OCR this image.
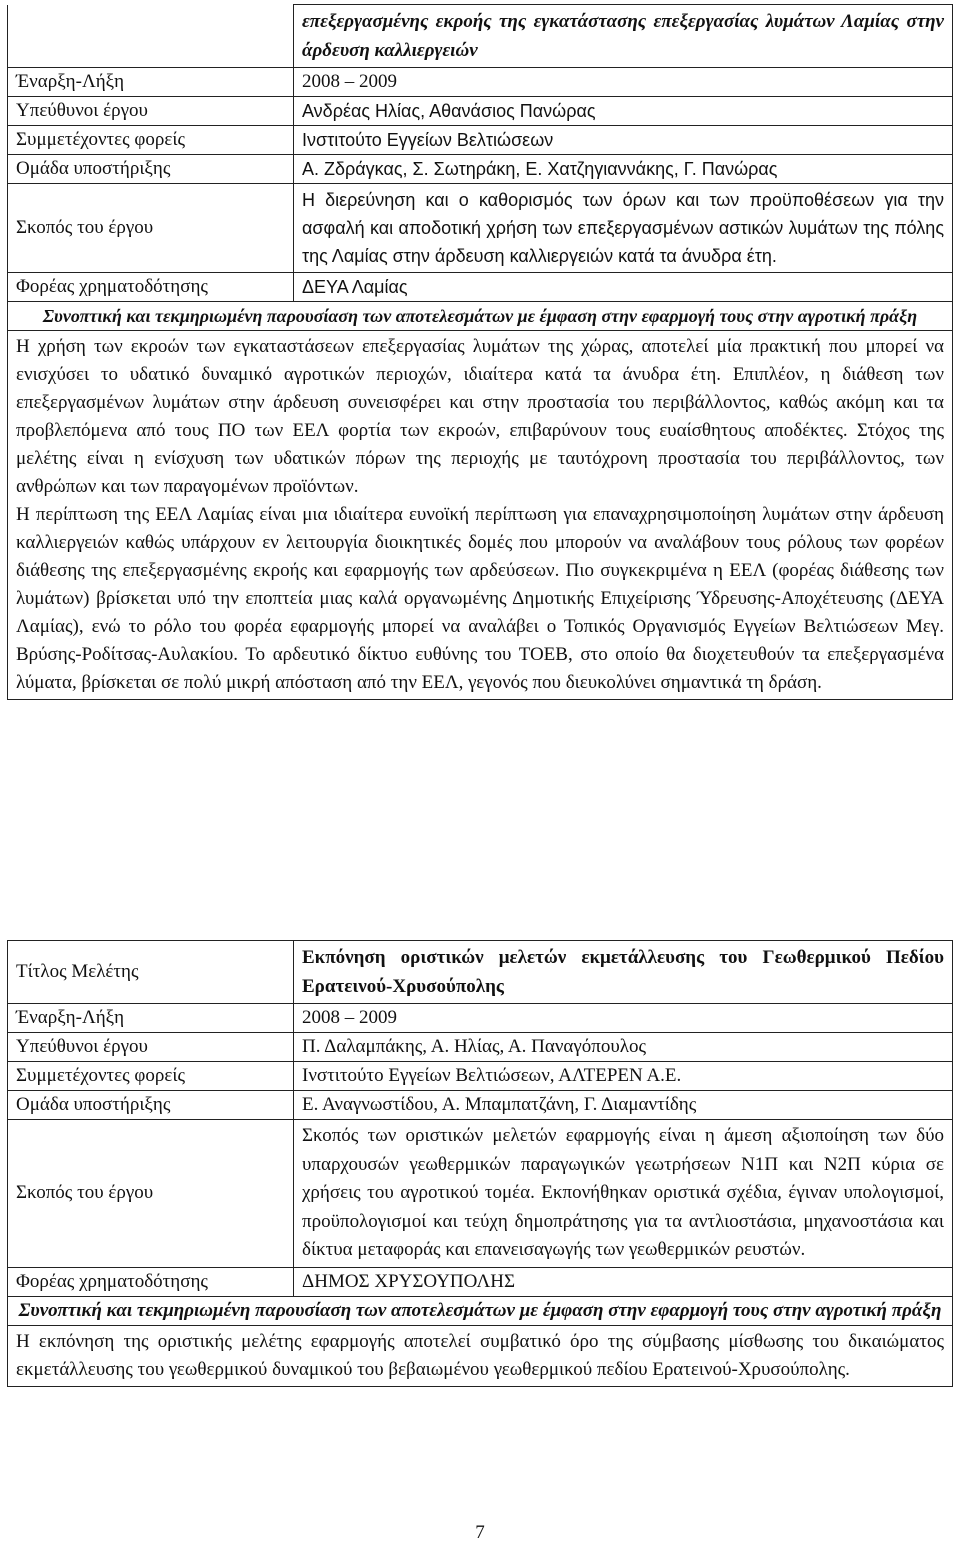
	επεξεργασμένης εκροής της εγκατάστασης επεξεργασίας λυμάτων Λαμίας στην άρδευση καλλιεργειών
Έναρξη-Λήξη	2008 – 2009
Υπεύθυνοι έργου	Ανδρέας Ηλίας, Αθανάσιος Πανώρας
Συμμετέχοντες φορείς	Ινστιτούτο Εγγείων Βελτιώσεων
Ομάδα υποστήριξης	Α. Ζδράγκας, Σ. Σωτηράκη, Ε. Χατζηγιαννάκης, Γ. Πανώρας
Σκοπός του έργου	Η διερεύνηση και ο καθορισμός των όρων και των προϋποθέσεων για την ασφαλή και αποδοτική χρήση των επεξεργασμένων αστικών λυμάτων της πόλης της Λαμίας στην άρδευση καλλιεργειών κατά τα άνυδρα έτη.
Φορέας χρηματοδότησης	ΔΕΥΑ Λαμίας
Συνοπτική και τεκμηριωμένη παρουσίαση των αποτελεσμάτων με έμφαση στην εφαρμογή τους στην αγροτική πράξη	

Η χρήση των εκροών των εγκαταστάσεων επεξεργασίας λυμάτων της χώρας, αποτελεί μία πρακτική που μπορεί να ενισχύσει το υδατικό δυναμικό αγροτικών περιοχών, ιδιαίτερα κατά τα άνυδρα έτη. Επιπλέον, η διάθεση των επεξεργασμένων λυμάτων στην άρδευση συνεισφέρει και στην προστασία του περιβάλλοντος, καθώς ακόμη και τα προβλεπόμενα από τους ΠΟ των ΕΕΛ φορτία των εκροών, επιβαρύνουν τους ευαίσθητους αποδέκτες. Στόχος της μελέτης είναι η ενίσχυση των υδατικών πόρων της περιοχής με ταυτόχρονη προστασία του περιβάλλοντος, των ανθρώπων και των παραγομένων προϊόντων.
Η περίπτωση της ΕΕΛ Λαμίας είναι μια ιδιαίτερα ευνοϊκή περίπτωση για επαναχρησιμοποίηση λυμάτων στην άρδευση καλλιεργειών καθώς υπάρχουν εν λειτουργία διοικητικές δομές που μπορούν να αναλάβουν τους ρόλους των φορέων διάθεσης της επεξεργασμένης εκροής και εφαρμογής των αρδεύσεων. Πιο συγκεκριμένα η ΕΕΛ (φορέας διάθεσης των λυμάτων) βρίσκεται υπό την εποπτεία μιας καλά οργανωμένης Δημοτικής Επιχείρισης Ύδρευσης-Αποχέτευσης (ΔΕΥΑ Λαμίας), ενώ το ρόλο του φορέα εφαρμογής μπορεί να αναλάβει ο Τοπικός Οργανισμός Εγγείων Βελτιώσεων Μεγ. Βρύσης-Ροδίτσας-Αυλακίου. Το αρδευτικό δίκτυο ευθύνης του ΤΟΕΒ, στο οποίο θα διοχετευθούν τα επεξεργασμένα λύματα, βρίσκεται σε πολύ μικρή απόσταση από την ΕΕΛ, γεγονός που διευκολύνει σημαντικά τη δράση.	
Τίτλος Μελέτης	Εκπόνηση οριστικών μελετών εκμετάλλευσης του Γεωθερμικού Πεδίου Ερατεινού-Χρυσούπολης
Έναρξη-Λήξη	2008 – 2009
Υπεύθυνοι έργου	Π. Δαλαμπάκης, Α. Ηλίας, Α. Παναγόπουλος
Συμμετέχοντες φορείς	Ινστιτούτο Εγγείων Βελτιώσεων, ΑΛΤΕΡΕΝ Α.Ε.
Ομάδα υποστήριξης	Ε. Αναγνωστίδου, Α. Μπαμπατζάνη, Γ. Διαμαντίδης
Σκοπός του έργου	Σκοπός των οριστικών μελετών εφαρμογής είναι η άμεση αξιοποίηση των δύο υπαρχουσών γεωθερμικών παραγωγικών γεωτρήσεων Ν1Π και Ν2Π κύρια σε χρήσεις του αγροτικού τομέα. Εκπονήθηκαν οριστικά σχέδια, έγιναν υπολογισμοί, προϋπολογισμοί και τεύχη δημοπράτησης για τα αντλιοστάσια, μηχανοστάσια και δίκτυα μεταφοράς και επανεισαγωγής των γεωθερμικών ρευστών.
Φορέας χρηματοδότησης	ΔΗΜΟΣ ΧΡΥΣΟΥΠΟΛΗΣ
Συνοπτική και τεκμηριωμένη παρουσίαση των αποτελεσμάτων με έμφαση στην εφαρμογή τους στην αγροτική πράξη	

Η εκπόνηση της οριστικής μελέτης εφαρμογής αποτελεί συμβατικό όρο της σύμβασης μίσθωσης του δικαιώματος εκμετάλλευσης του γεωθερμικού δυναμικού του βεβαιωμένου γεωθερμικού πεδίου Ερατεινού-Χρυσούπολης.	
7
